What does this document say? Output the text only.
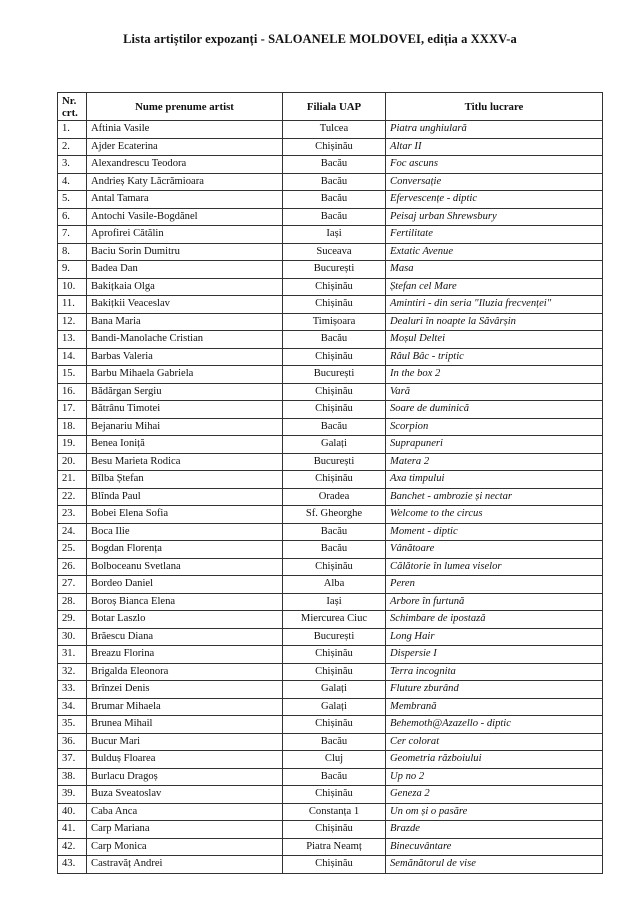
Lista artiștilor expozanți - SALOANELE MOLDOVEI, ediția a XXXV-a
Nr.
crt.	Nume prenume artist	Filiala UAP	Titlu lucrare
1.	Aftinia Vasile	Tulcea	Piatra unghiulară
2.	Ajder Ecaterina	Chișinău	Altar II
3.	Alexandrescu Teodora	Bacău	Foc ascuns
4.	Andrieș Katy Lăcrămioara	Bacău	Conversație
5.	Antal Tamara	Bacău	Efervescențe - diptic
6.	Antochi Vasile-Bogdănel	Bacău	Peisaj urban Shrewsbury
7.	Aprofirei Cătălin	Iași	Fertilitate
8.	Baciu Sorin Dumitru	Suceava	Extatic Avenue
9.	Badea Dan	București	Masa
10.	Bakițkaia Olga	Chișinău	Ștefan cel Mare
11.	Bakițkii Veaceslav	Chișinău	Amintiri - din seria "Iluzia frecvenței"
12.	Bana Maria	Timișoara	Dealuri în noapte la Săvârșin
13.	Bandi-Manolache Cristian	Bacău	Moșul Deltei
14.	Barbas Valeria	Chișinău	Râul Bâc - triptic
15.	Barbu Mihaela Gabriela	București	In the box 2
16.	Bădărgan Sergiu	Chișinău	Vară
17.	Bătrânu Timotei	Chișinău	Soare de duminică
18.	Bejanariu Mihai	Bacău	Scorpion
19.	Benea Ioniță	Galați	Suprapuneri
20.	Besu Marieta Rodica	București	Matera 2
21.	Bîlba Ștefan	Chișinău	Axa timpului
22.	Blînda Paul	Oradea	Banchet - ambrozie și nectar
23.	Bobei Elena Sofia	Sf. Gheorghe	Welcome to the circus
24.	Boca Ilie	Bacău	Moment - diptic
25.	Bogdan Florența	Bacău	Vânătoare
26.	Bolboceanu Svetlana	Chișinău	Călătorie în lumea viselor
27.	Bordeo Daniel	Alba	Peren
28.	Boroș Bianca Elena	Iași	Arbore în furtună
29.	Botar Laszlo	Miercurea Ciuc	Schimbare de ipostază
30.	Brăescu Diana	București	Long Hair
31.	Breazu Florina	Chișinău	Dispersie I
32.	Brigalda Eleonora	Chișinău	Terra incognita
33.	Brînzei Denis	Galați	Fluture zburând
34.	Brumar Mihaela	Galați	Membrană
35.	Brunea Mihail	Chișinău	Behemoth@Azazello - diptic
36.	Bucur Mari	Bacău	Cer colorat
37.	Bulduș Floarea	Cluj	Geometria războiului
38.	Burlacu Dragoș	Bacău	Up no 2
39.	Buza Sveatoslav	Chișinău	Geneza 2
40.	Caba Anca	Constanța 1	Un om și o pasăre
41.	Carp Mariana	Chișinău	Brazde
42.	Carp Monica	Piatra Neamț	Binecuvântare
43.	Castravăț Andrei	Chișinău	Semănătorul de vise
